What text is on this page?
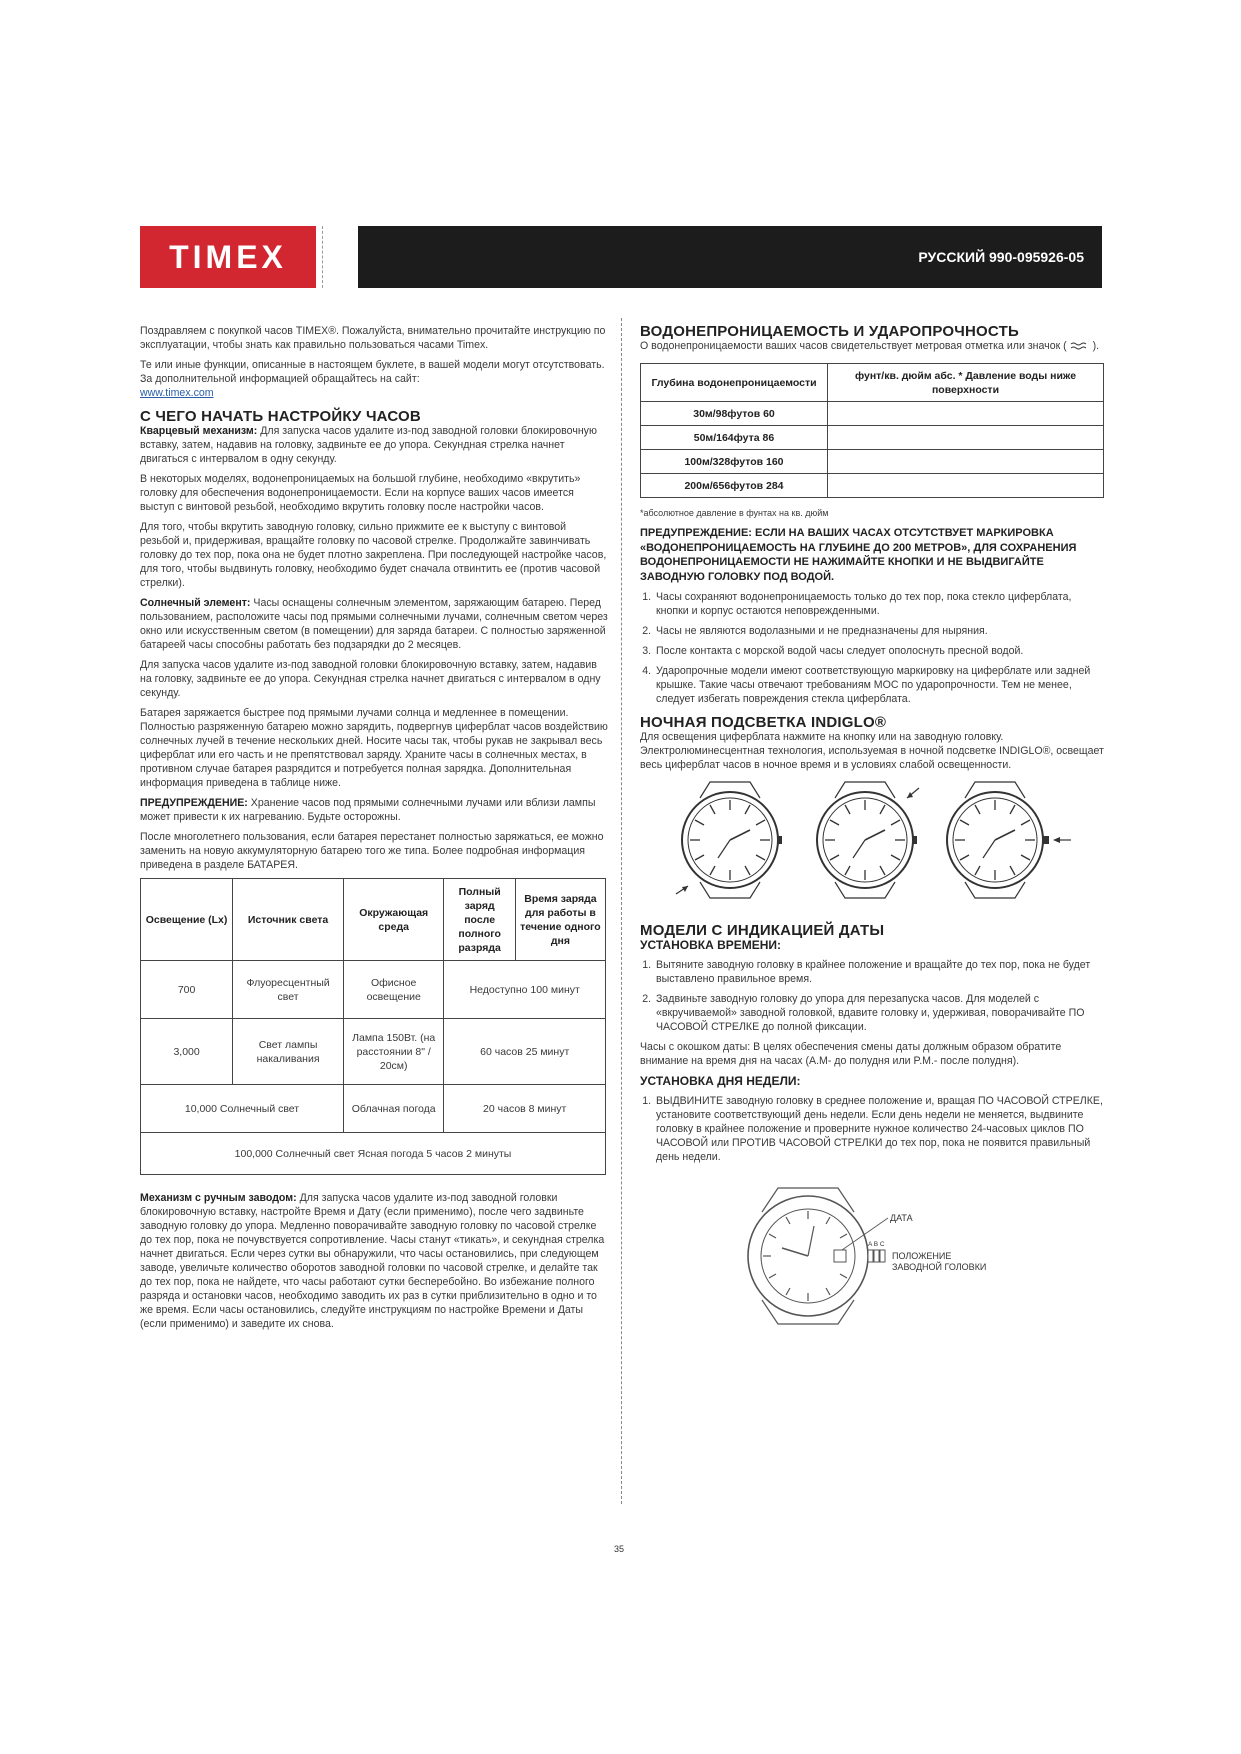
TIMEX	РУССКИЙ 990-095926-05

Поздравляем с покупкой часов TIMEX®. Пожалуйста, внимательно прочитайте инструкцию по эксплуатации, чтобы знать как правильно пользоваться часами Timex.

Те или иные функции, описанные в настоящем буклете, в вашей модели могут отсутствовать. За дополнительной информацией обращайтесь на сайт:
www.timex.com

С ЧЕГО НАЧАТЬ НАСТРОЙКУ ЧАСОВ

Кварцевый механизм: Для запуска часов удалите из-под заводной головки блокировочную вставку, затем, надавив на головку, задвиньте ее до упора. Секундная стрелка начнет двигаться с интервалом в одну секунду.

В некоторых моделях, водонепроницаемых на большой глубине, необходимо «вкрутить» головку для обеспечения водонепроницаемости. Если на корпусе ваших часов имеется выступ с винтовой резьбой, необходимо вкрутить головку после настройки часов.

Для того, чтобы вкрутить заводную головку, сильно прижмите ее к выступу с винтовой резьбой и, придерживая, вращайте головку по часовой стрелке. Продолжайте завинчивать головку до тех пор, пока она не будет плотно закреплена. При последующей настройке часов, для того, чтобы выдвинуть головку, необходимо будет сначала отвинтить ее (против часовой стрелки).

Солнечный элемент: Часы оснащены солнечным элементом, заряжающим батарею. Перед пользованием, расположите часы под прямыми солнечными лучами, солнечным светом через окно или искусственным светом (в помещении) для заряда батареи. С полностью заряженной батареей часы способны работать без подзарядки до 2 месяцев.

Для запуска часов удалите из-под заводной головки блокировочную вставку, затем, надавив на головку, задвиньте ее до упора. Секундная стрелка начнет двигаться с интервалом в одну секунду.

Батарея заряжается быстрее под прямыми лучами солнца и медленнее в помещении. Полностью разряженную батарею можно зарядить, подвергнув циферблат часов воздействию солнечных лучей в течение нескольких дней. Носите часы так, чтобы рукав не закрывал весь циферблат или его часть и не препятствовал заряду. Храните часы в солнечных местах, в противном случае батарея разрядится и потребуется полная зарядка. Дополнительная информация приведена в таблице ниже.

ПРЕДУПРЕЖДЕНИЕ: Хранение часов под прямыми солнечными лучами или вблизи лампы может привести к их нагреванию. Будьте осторожны.

После многолетнего пользования, если батарея перестанет полностью заряжаться, ее можно заменить на новую аккумуляторную батарею того же типа. Более подробная информация приведена в разделе БАТАРЕЯ.

Освещение (Lx)	Источник света	Окружающая среда	Полный заряд после полного разряда	Время заряда для работы в течение одного дня
700	Флуоресцентный свет	Офисное освещение	Недоступно 100 минут	
3,000	Свет лампы накаливания	Лампа 150Вт. (на расстоянии 8" / 20см)	60 часов 25 минут	
10,000 Солнечный свет		Облачная погода	20 часов 8 минут	
100,000 Солнечный свет Ясная погода 5 часов 2 минуты				

Механизм с ручным заводом: Для запуска часов удалите из-под заводной головки блокировочную вставку, настройте Время и Дату (если применимо), после чего задвиньте заводную головку до упора. Медленно поворачивайте заводную головку по часовой стрелке до тех пор, пока не почувствуется сопротивление. Часы станут «тикать», и секундная стрелка начнет двигаться. Если через сутки вы обнаружили, что часы остановились, при следующем заводе, увеличьте количество оборотов заводной головки по часовой стрелке, и делайте так до тех пор, пока не найдете, что часы работают сутки бесперебойно. Во избежание полного разряда и остановки часов, необходимо заводить их раз в сутки приблизительно в одно и то же время. Если часы остановились, следуйте инструкциям по настройке Времени и Даты (если применимо) и заведите их снова.

ВОДОНЕПРОНИЦАЕМОСТЬ И УДАРОПРОЧНОСТЬ

О водонепроницаемости ваших часов свидетельствует метровая отметка или значок ( ).

Глубина водонепроницаемости	фунт/кв. дюйм абс. * Давление воды ниже поверхности
30м/98футов 60	
50м/164фута 86	
100м/328футов 160	
200м/656футов 284	

*абсолютное давление в фунтах на кв. дюйм

ПРЕДУПРЕЖДЕНИЕ: ЕСЛИ НА ВАШИХ ЧАСАХ ОТСУТСТВУЕТ МАРКИРОВКА «ВОДОНЕПРОНИЦАЕМОСТЬ НА ГЛУБИНЕ ДО 200 МЕТРОВ», ДЛЯ СОХРАНЕНИЯ ВОДОНЕПРОНИЦАЕМОСТИ НЕ НАЖИМАЙТЕ КНОПКИ И НЕ ВЫДВИГАЙТЕ ЗАВОДНУЮ ГОЛОВКУ ПОД ВОДОЙ.

1. Часы сохраняют водонепроницаемость только до тех пор, пока стекло циферблата, кнопки и корпус остаются неповрежденными.
2. Часы не являются водолазными и не предназначены для ныряния.
3. После контакта с морской водой часы следует ополоснуть пресной водой.
4. Ударопрочные модели имеют соответствующую маркировку на циферблате или задней крышке. Такие часы отвечают требованиям МОС по ударопрочности. Тем не менее, следует избегать повреждения стекла циферблата.
НОЧНАЯ ПОДСВЕТКА INDIGLO®

Для освещения циферблата нажмите на кнопку или на заводную головку. Электролюминесцентная технология, используемая в ночной подсветке INDIGLO®, освещает весь циферблат часов в ночное время и в условиях слабой освещенности.

МОДЕЛИ С ИНДИКАЦИЕЙ ДАТЫ
УСТАНОВКА ВРЕМЕНИ:
1. Вытяните заводную головку в крайнее положение и вращайте до тех пор, пока не будет выставлено правильное время.
2. Задвиньте заводную головку до упора для перезапуска часов. Для моделей с «вкручиваемой» заводной головкой, вдавите головку и, удерживая, поворачивайте ПО ЧАСОВОЙ СТРЕЛКЕ до полной фиксации.

Часы с окошком даты: В целях обеспечения смены даты должным образом обратите внимание на время дня на часах (A.M- до полудня или P.M.- после полудня).

УСТАНОВКА ДНЯ НЕДЕЛИ:
1. ВЫДВИНИТЕ заводную головку в среднее положение и, вращая ПО ЧАСОВОЙ СТРЕЛКЕ, установите соответствующий день недели. Если день недели не меняется, выдвините головку в крайнее положение и проверните нужное количество 24-часовых циклов ПО ЧАСОВОЙ или ПРОТИВ ЧАСОВОЙ СТРЕЛКИ до тех пор, пока не появится правильный день недели.
ДАТА
A B C
ПОЛОЖЕНИЕ
ЗАВОДНОЙ ГОЛОВКИ
35
